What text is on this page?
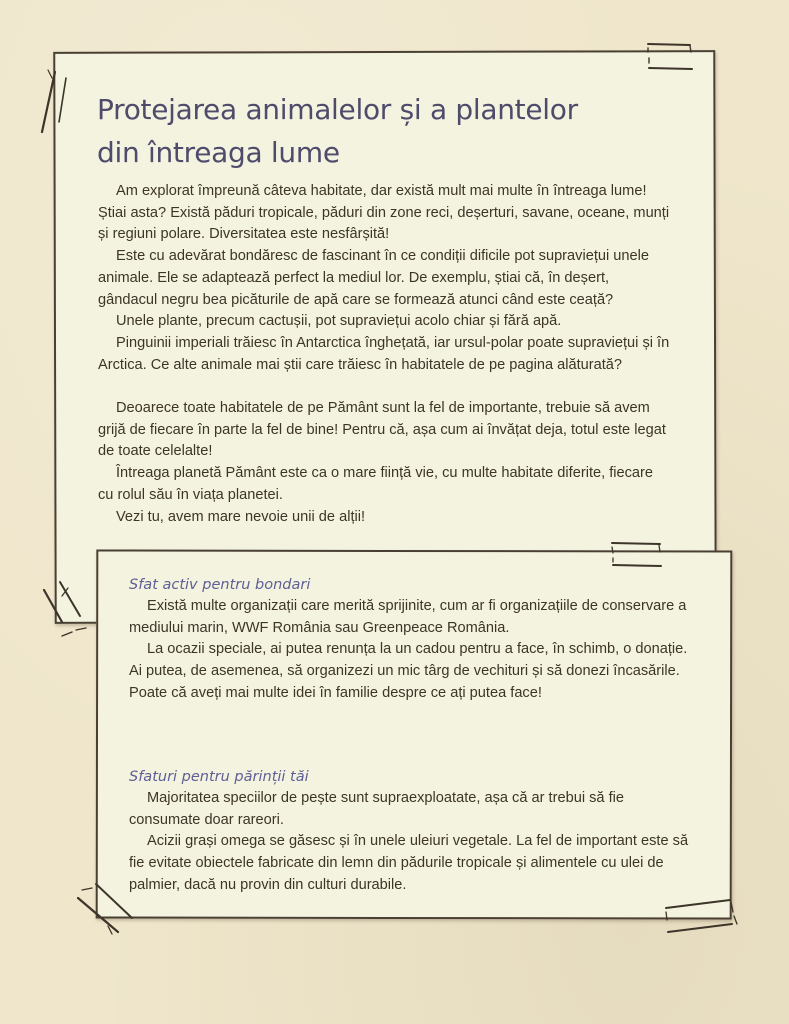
Protejarea animalelor și a plantelor
din întreaga lume

Am explorat împreună câteva habitate, dar există mult mai multe în întreaga lume! Știai asta? Există păduri tropicale, păduri din zone reci, deșerturi, savane, oceane, munți și regiuni polare. Diversitatea este nesfârșită!

Este cu adevărat bondăresc de fascinant în ce condiții dificile pot supraviețui unele animale. Ele se adaptează perfect la mediul lor. De exemplu, știai că, în deșert, gândacul negru bea picăturile de apă care se formează atunci când este ceață?

Unele plante, precum cactușii, pot supraviețui acolo chiar și fără apă.

Pinguinii imperiali trăiesc în Antarctica înghețată, iar ursul-polar poate supraviețui și în Arctica. Ce alte animale mai știi care trăiesc în habitatele de pe pagina alăturată?

Deoarece toate habitatele de pe Pământ sunt la fel de importante, trebuie să avem grijă de fiecare în parte la fel de bine! Pentru că, așa cum ai învățat deja, totul este legat de toate celelalte!

Întreaga planetă Pământ este ca o mare ființă vie, cu multe habitate diferite, fiecare cu rolul său în viața planetei.

Vezi tu, avem mare nevoie unii de alții!

Sfat activ pentru bondari

Există multe organizații care merită sprijinite, cum ar fi organizațiile de conservare a mediului marin, WWF România sau Greenpeace România.

La ocazii speciale, ai putea renunța la un cadou pentru a face, în schimb, o donație. Ai putea, de asemenea, să organizezi un mic târg de vechituri și să donezi încasările. Poate că aveți mai multe idei în familie despre ce ați putea face!

Sfaturi pentru părinții tăi

Majoritatea speciilor de pește sunt supraexploatate, așa că ar trebui să fie consumate doar rareori.

Acizii grași omega se găsesc și în unele uleiuri vegetale. La fel de important este să fie evitate obiectele fabricate din lemn din pădurile tropicale și alimentele cu ulei de palmier, dacă nu provin din culturi durabile.
